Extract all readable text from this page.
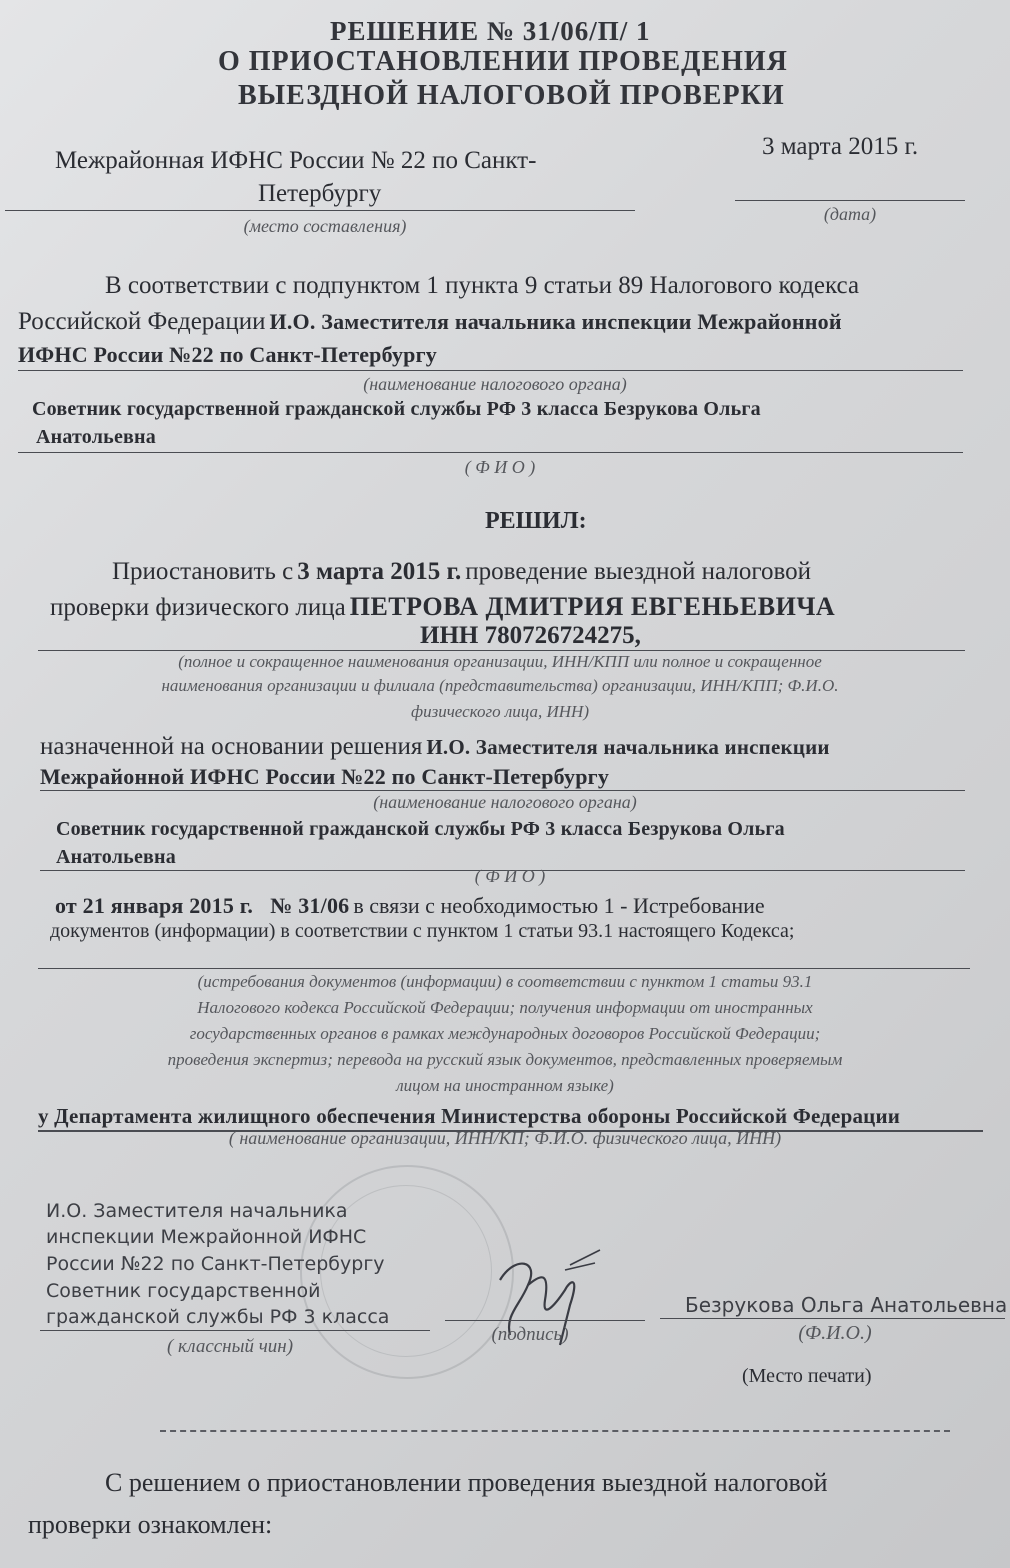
РЕШЕНИЕ № 31/06/П/ 1
О ПРИОСТАНОВЛЕНИИ ПРОВЕДЕНИЯ
ВЫЕЗДНОЙ НАЛОГОВОЙ ПРОВЕРКИ
Межрайонная ИФНС России № 22 по Санкт-
Петербургу
(место составления)
3 марта 2015 г.
(дата)
В соответствии с подпунктом 1 пункта 9 статьи 89 Налогового кодекса
Российской Федерации И.О. Заместителя начальника инспекции Межрайонной
ИФНС России №22 по Санкт-Петербургу
(наименование налогового органа)
Советник государственной гражданской службы РФ 3 класса Безрукова Ольга
Анатольевна
( Ф И О )
РЕШИЛ:
Приостановить с 3 марта 2015 г. проведение выездной налоговой
проверки физического лица ПЕТРОВА ДМИТРИЯ ЕВГЕНЬЕВИЧА
ИНН 780726724275,
(полное и сокращенное наименования организации, ИНН/КПП или полное и сокращенное
наименования организации и филиала (представительства) организации, ИНН/КПП; Ф.И.О.
физического лица, ИНН)
назначенной на основании решения И.О. Заместителя начальника инспекции
Межрайонной ИФНС России №22 по Санкт-Петербургу
(наименование налогового органа)
Советник государственной гражданской службы РФ 3 класса Безрукова Ольга
Анатольевна
( Ф И О )
от 21 января 2015 г.   № 31/06 в связи с необходимостью 1 - Истребование
документов (информации) в соответствии с пунктом 1 статьи 93.1 настоящего Кодекса;
(истребования документов (информации) в соответствии с пунктом 1 статьи 93.1
Налогового кодекса Российской Федерации; получения информации от иностранных
государственных органов в рамках международных договоров Российской Федерации;
проведения экспертиз; перевода на русский язык документов, представленных проверяемым
лицом на иностранном языке)
у Департамента жилищного обеспечения Министерства обороны Российской Федерации
( наименование организации, ИНН/КП; Ф.И.О. физического лица, ИНН)
И.О. Заместителя начальника
инспекции Межрайонной ИФНС
России №22 по Санкт-Петербургу
Советник государственной
гражданской службы РФ 3 класса
( классный чин)
(подпись)
Безрукова Ольга Анатольевна
(Ф.И.О.)
(Место печати)
С решением о приостановлении проведения выездной налоговой
проверки ознакомлен:
